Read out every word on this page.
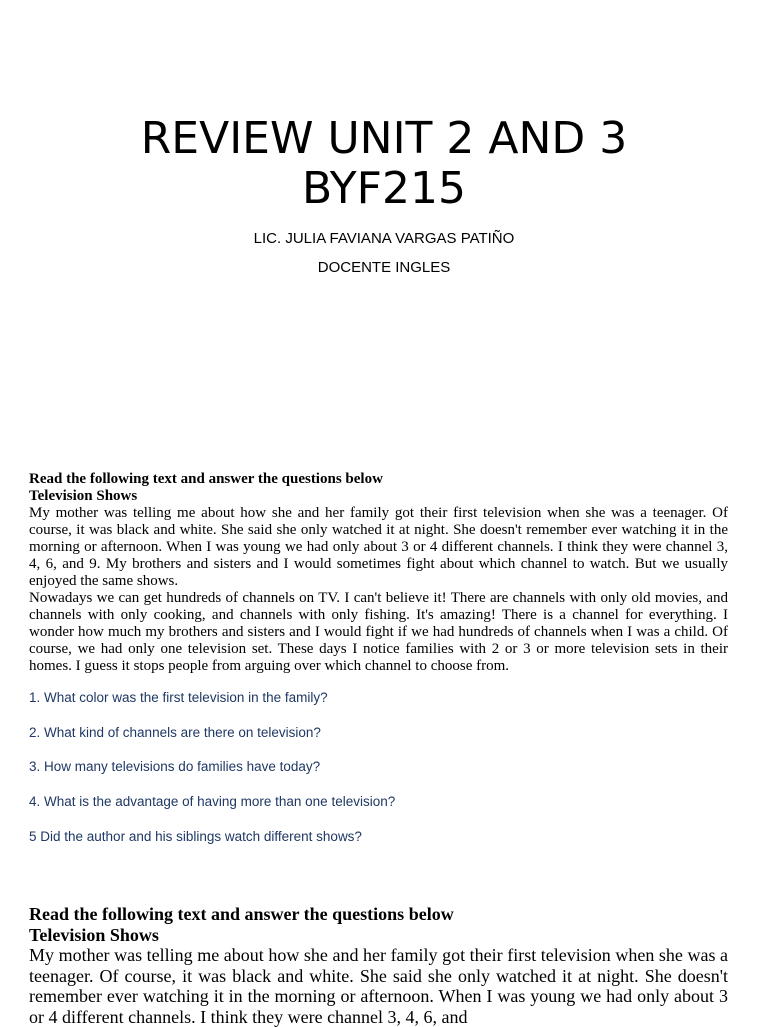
REVIEW UNIT 2 AND 3
BYF215
LIC. JULIA FAVIANA VARGAS PATIÑO
DOCENTE INGLES
Read the following text and answer the questions below
Television Shows

My mother was telling me about how she and her family got their first television when she was a teenager. Of course, it was black and white. She said she only watched it at night. She doesn't remember ever watching it in the morning or afternoon. When I was young we had only about 3 or 4 different channels. I think they were channel 3, 4, 6, and 9. My brothers and sisters and I would sometimes fight about which channel to watch. But we usually enjoyed the same shows.

Nowadays we can get hundreds of channels on TV. I can't believe it! There are channels with only old movies, and channels with only cooking, and channels with only fishing. It's amazing! There is a channel for everything. I wonder how much my brothers and sisters and I would fight if we had hundreds of channels when I was a child. Of course, we had only one television set. These days I notice families with 2 or 3 or more television sets in their homes. I guess it stops people from arguing over which channel to choose from.

1. What color was the first television in the family?
2. What kind of channels are there on television?
3. How many televisions do families have today?
4. What is the advantage of having more than one television?
5 Did the author and his siblings watch different shows?
Read the following text and answer the questions below
Television Shows

My mother was telling me about how she and her family got their first television when she was a teenager. Of course, it was black and white. She said she only watched it at night. She doesn't remember ever watching it in the morning or afternoon. When I was young we had only about 3 or 4 different channels. I think they were channel 3, 4, 6, and
